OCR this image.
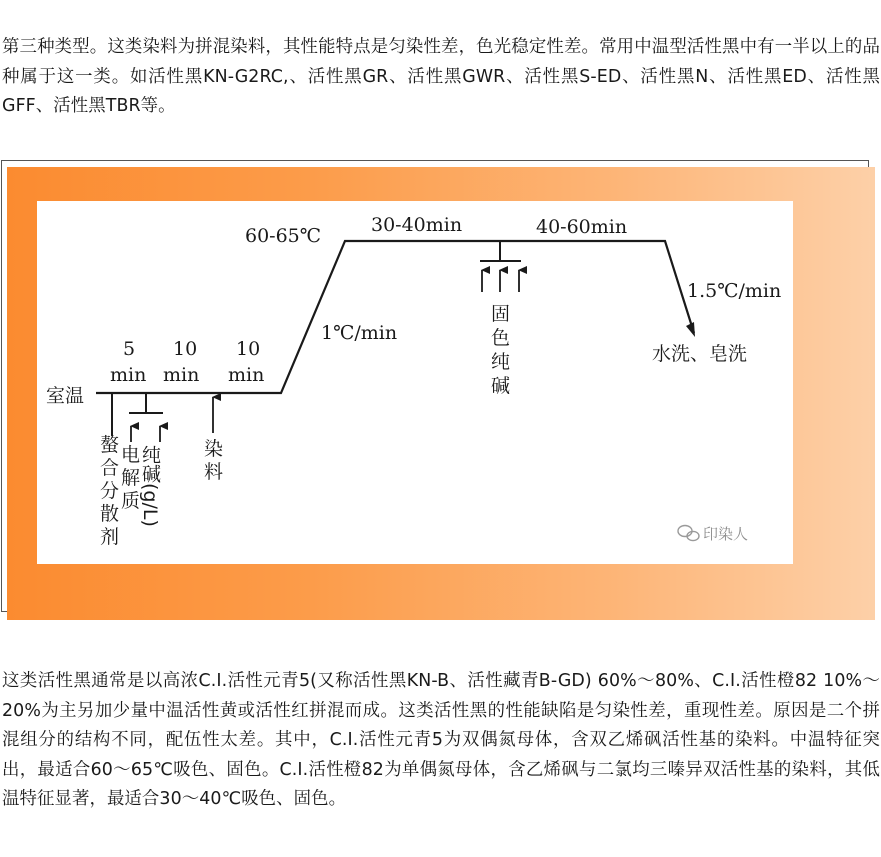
第三种类型。这类染料为拼混染料，其性能特点是匀染性差，色光稳定性差。常用中温型活性黑中有一半以上的品种属于这一类。如活性黑KN-G2RC,、活性黑GR、活性黑GWR、活性黑S-ED、活性黑N、活性黑ED、活性黑GFF、活性黑TBR等。

室温
5
min
10
min
10
min
60-65℃	30-40min	40-60min
1℃/min
1.5℃/min
水洗、皂洗
螯
合
分
散
剂
电
解
质
纯碱(g/L) 染
料
固
色
纯
碱
印染人

这类活性黑通常是以高浓C.I.活性元青5(又称活性黑KN-B、活性藏青B-GD) 60%～80%、C.I.活性橙82 10%～20%为主另加少量中温活性黄或活性红拼混而成。这类活性黑的性能缺陷是匀染性差，重现性差。原因是二个拼混组分的结构不同，配伍性太差。其中，C.I.活性元青5为双偶氮母体，含双乙烯砜活性基的染料。中温特征突出，最适合60～65℃吸色、固色。C.I.活性橙82为单偶氮母体，含乙烯砜与二氯均三嗪异双活性基的染料，其低温特征显著，最适合30～40℃吸色、固色。
